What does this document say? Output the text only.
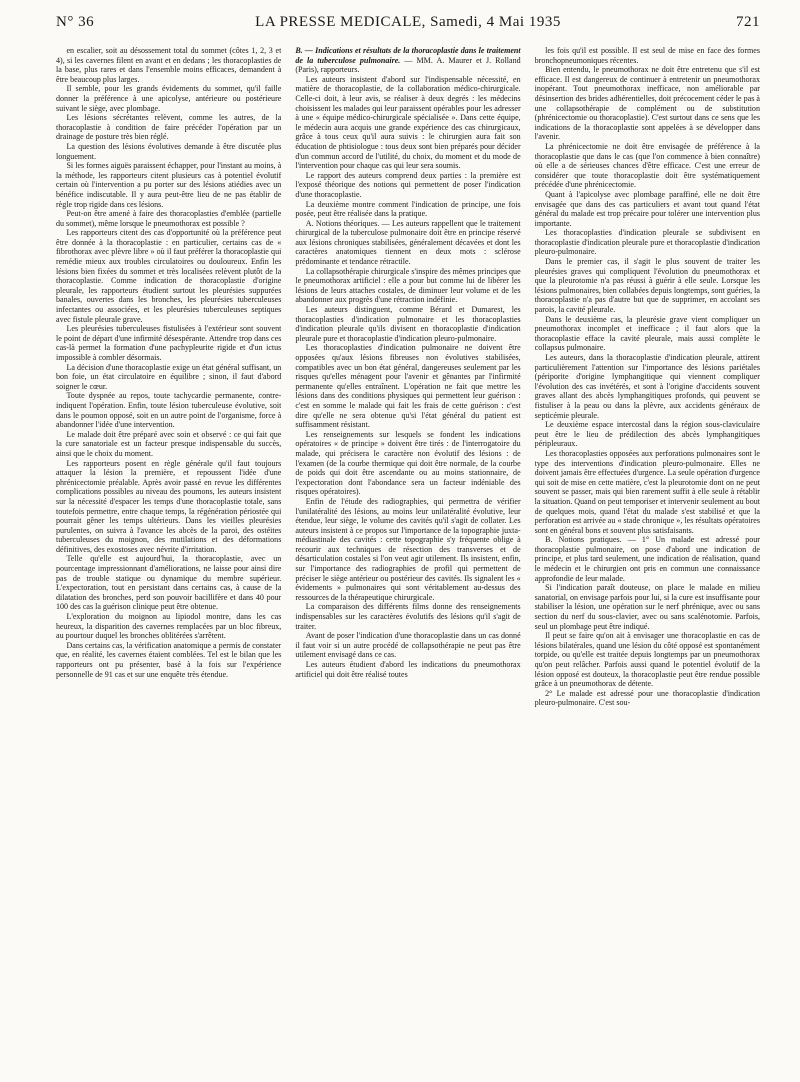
N° 36	LA PRESSE MEDICALE, Samedi, 4 Mai 1935	721

en escalier, soit au désossement total du sommet (côtes 1, 2, 3 et 4), si les cavernes filent en avant et en dedans ; les thoracoplasties de la base, plus rares et dans l'ensemble moins efficaces, demandent à être beaucoup plus larges.

Il semble, pour les grands évidements du sommet, qu'il faille donner la préférence à une apicolyse, antérieure ou postérieure suivant le siège, avec plombage.

Les lésions sécrétantes relèvent, comme les autres, de la thoracoplastie à condition de faire précéder l'opération par un drainage de posture très bien réglé.

La question des lésions évolutives demande à être discutée plus longuement.

Si les formes aiguës paraissent échapper, pour l'instant au moins, à la méthode, les rapporteurs citent plusieurs cas à potentiel évolutif certain où l'intervention a pu porter sur des lésions atiédies avec un bénéfice indiscutable. Il y aura peut-être lieu de ne pas établir de règle trop rigide dans ces lésions.

Peut-on être amené à faire des thoracoplasties d'emblée (partielle du sommet), même lorsque le pneumothorax est possible ?

Les rapporteurs citent des cas d'opportunité où la préférence peut être donnée à la thoracoplastie : en particulier, certains cas de « fibrothorax avec plèvre libre » où il faut préférer la thoracoplastie qui remédie mieux aux troubles circulatoires ou douloureux. Enfin les lésions bien fixées du sommet et très localisées relèvent plutôt de la thoracoplastie. Comme indication de thoracoplastie d'origine pleurale, les rapporteurs étudient surtout les pleurésies suppurées banales, ouvertes dans les bronches, les pleurésies tuberculeuses infectantes ou associées, et les pleurésies tuberculeuses septiques avec fistule pleurale grave.

Les pleurésies tuberculeuses fistulisées à l'extérieur sont souvent le point de départ d'une infirmité désespérante. Attendre trop dans ces cas-là permet la formation d'une pachypleurite rigide et d'un ictus impossible à combler désormais.

La décision d'une thoracoplastie exige un état général suffisant, un bon foie, un état circulatoire en équilibre ; sinon, il faut d'abord soigner le cœur.

Toute dyspnée au repos, toute tachycardie permanente, contre-indiquent l'opération. Enfin, toute lésion tuberculeuse évolutive, soit dans le poumon opposé, soit en un autre point de l'organisme, force à abandonner l'idée d'une intervention.

Le malade doit être préparé avec soin et observé : ce qui fait que la cure sanatoriale est un facteur presque indispensable du succès, ainsi que le choix du moment.

Les rapporteurs posent en règle générale qu'il faut toujours attaquer la lésion la première, et repoussent l'idée d'une phrénicectomie préalable. Après avoir passé en revue les différentes complications possibles au niveau des poumons, les auteurs insistent sur la nécessité d'espacer les temps d'une thoracoplastie totale, sans toutefois permettre, entre chaque temps, la régénération périostée qui pourrait gêner les temps ultérieurs. Dans les vieilles pleurésies purulentes, on suivra à l'avance les abcès de la paroi, des ostéites tuberculeuses du moignon, des mutilations et des déformations définitives, des exostoses avec névrite d'irritation.

Telle qu'elle est aujourd'hui, la thoracoplastie, avec un pourcentage impressionnant d'améliorations, ne laisse pour ainsi dire pas de trouble statique ou dynamique du membre supérieur. L'expectoration, tout en persistant dans certains cas, à cause de la dilatation des bronches, perd son pouvoir bacillifère et dans 40 pour 100 des cas la guérison clinique peut être obtenue.

L'exploration du moignon au lipiodol montre, dans les cas heureux, la disparition des cavernes remplacées par un bloc fibreux, au pourtour duquel les bronches oblitérées s'arrêtent.

Dans certains cas, la vérification anatomique a permis de constater que, en réalité, les cavernes étaient comblées. Tel est le bilan que les rapporteurs ont pu présenter, basé à la fois sur l'expérience personnelle de 91 cas et sur une enquête très étendue.

B. — Indications et résultats de la thoracoplastie dans le traitement de la tuberculose pulmonaire. — MM. A. Maurer et J. Rolland (Paris), rapporteurs.

Les auteurs insistent d'abord sur l'indispensable nécessité, en matière de thoracoplastie, de la collaboration médico-chirurgicale. Celle-ci doit, à leur avis, se réaliser à deux degrés : les médecins choisissent les malades qui leur paraissent opérables pour les adresser à une « équipe médico-chirurgicale spécialisée ». Dans cette équipe, le médecin aura acquis une grande expérience des cas chirurgicaux, grâce à tous ceux qu'il aura suivis : le chirurgien aura fait son éducation de phtisiologue : tous deux sont bien préparés pour décider d'un commun accord de l'utilité, du choix, du moment et du mode de l'intervention pour chaque cas qui leur sera soumis.

Le rapport des auteurs comprend deux parties : la première est l'exposé théorique des notions qui permettent de poser l'indication d'une thoracoplastie.

La deuxième montre comment l'indication de principe, une fois posée, peut être réalisée dans la pratique.

A. Notions théoriques. — Les auteurs rappellent que le traitement chirurgical de la tuberculose pulmonaire doit être en principe réservé aux lésions chroniques stabilisées, généralement décavées et dont les caractères anatomiques tiennent en deux mots : sclérose prédominante et tendance rétractile.

La collapsothérapie chirurgicale s'inspire des mêmes principes que le pneumothorax artificiel : elle a pour but comme lui de libérer les lésions de leurs attaches costales, de diminuer leur volume et de les abandonner aux progrès d'une rétraction indéfinie.

Les auteurs distinguent, comme Bérard et Dumarest, les thoracoplasties d'indication pulmonaire et les thoracoplasties d'indication pleurale qu'ils divisent en thoracoplastie d'indication pleurale pure et thoracoplastie d'indication pleuro-pulmonaire.

Les thoracoplasties d'indication pulmonaire ne doivent être opposées qu'aux lésions fibreuses non évolutives stabilisées, compatibles avec un bon état général, dangereuses seulement par les risques qu'elles ménagent pour l'avenir et gênantes par l'infirmité permanente qu'elles entraînent. L'opération ne fait que mettre les lésions dans des conditions physiques qui permettent leur guérison : c'est en somme le malade qui fait les frais de cette guérison : c'est dire qu'elle ne sera obtenue qu'si l'état général du patient est suffisamment résistant.

Les renseignements sur lesquels se fondent les indications opératoires « de principe » doivent être tirés : de l'interrogatoire du malade, qui précisera le caractère non évolutif des lésions : de l'examen (de la courbe thermique qui doit être normale, de la courbe de poids qui doit être ascendante ou au moins stationnaire, de l'expectoration dont l'abondance sera un facteur indéniable des risques opératoires).

Enfin de l'étude des radiographies, qui permettra de vérifier l'unilatéralité des lésions, au moins leur unilatéralité évolutive, leur étendue, leur siège, le volume des cavités qu'il s'agit de collater. Les auteurs insistent à ce propos sur l'importance de la topographie juxta-médiastinale des cavités : cette topographie s'y fréquente oblige à recourir aux techniques de résection des transverses et de désarticulation costales si l'on veut agir utilement. Ils insistent, enfin, sur l'importance des radiographies de profil qui permettent de préciser le siège antérieur ou postérieur des cavités. Ils signalent les « évidements » pulmonaires qui sont véritablement au-dessus des ressources de la thérapeutique chirurgicale.

La comparaison des différents films donne des renseignements indispensables sur les caractères évolutifs des lésions qu'il s'agit de traiter.

Avant de poser l'indication d'une thoracoplastie dans un cas donné il faut voir si un autre procédé de collapsothérapie ne peut pas être utilement envisagé dans ce cas.

Les auteurs étudient d'abord les indications du pneumothorax artificiel qui doit être réalisé toutes

les fois qu'il est possible. Il est seul de mise en face des formes bronchopneumoniques récentes.

Bien entendu, le pneumothorax ne doit être entretenu que s'il est efficace. Il est dangereux de continuer à entretenir un pneumothorax inopérant. Tout pneumothorax inefficace, non améliorable par désinsertion des brides adhérentielles, doit précocement céder le pas à une collapsothérapie de complément ou de substitution (phrénicectomie ou thoracoplastie). C'est surtout dans ce sens que les indications de la thoracoplastie sont appelées à se développer dans l'avenir.

La phrénicectomie ne doit être envisagée de préférence à la thoracoplastie que dans le cas (que l'on commence à bien connaître) où elle a de sérieuses chances d'être efficace. C'est une erreur de considérer que toute thoracoplastie doit être systématiquement précédée d'une phrénicectomie.

Quant à l'apicolyse avec plombage paraffiné, elle ne doit être envisagée que dans des cas particuliers et avant tout quand l'état général du malade est trop précaire pour tolérer une intervention plus importante.

Les thoracoplasties d'indication pleurale se subdivisent en thoracoplastie d'indication pleurale pure et thoracoplastie d'indication pleuro-pulmonaire.

Dans le premier cas, il s'agit le plus souvent de traiter les pleurésies graves qui compliquent l'évolution du pneumothorax et que la pleurotomie n'a pas réussi à guérir à elle seule. Lorsque les lésions pulmonaires, bien collabées depuis longtemps, sont guéries, la thoracoplastie n'a pas d'autre but que de supprimer, en accolant ses parois, la cavité pleurale.

Dans le deuxième cas, la pleurésie grave vient compliquer un pneumothorax incomplet et inefficace ; il faut alors que la thoracoplastie efface la cavité pleurale, mais aussi complète le collapsus pulmonaire.

Les auteurs, dans la thoracoplastie d'indication pleurale, attirent particulièrement l'attention sur l'importance des lésions pariétales (périporite d'origine lymphangitique qui viennent compliquer l'évolution des cas invétérés, et sont à l'origine d'accidents souvent graves allant des abcès lymphangitiques profonds, qui peuvent se fistuliser à la peau ou dans la plèvre, aux accidents généraux de septicémie pleurale.

Le deuxième espace intercostal dans la région sous-claviculaire peut être le lieu de prédilection des abcès lymphangitiques péripleuraux.

Les thoracoplasties opposées aux perforations pulmonaires sont le type des interventions d'indication pleuro-pulmonaire. Elles ne doivent jamais être effectuées d'urgence. La seule opération d'urgence qui soit de mise en cette matière, c'est la pleurotomie dont on ne peut souvent se passer, mais qui bien rarement suffit à elle seule à rétablir la situation. Quand on peut temporiser et intervenir seulement au bout de quelques mois, quand l'état du malade s'est stabilisé et que la perforation est arrivée au « stade chronique », les résultats opératoires sont en général bons et souvent plus satisfaisants.

B. Notions pratiques. — 1° Un malade est adressé pour thoracoplastie pulmonaire, on pose d'abord une indication de principe, et plus tard seulement, une indication de réalisation, quand le médecin et le chirurgien ont pris en commun une connaissance approfondie de leur malade.

Si l'indication paraît douteuse, on place le malade en milieu sanatorial, on envisage parfois pour lui, si la cure est insuffisante pour stabiliser la lésion, une opération sur le nerf phrénique, avec ou sans section du nerf du sous-clavier, avec ou sans scalénotomie. Parfois, seul un plombage peut être indiqué.

Il peut se faire qu'on ait à envisager une thoracoplastie en cas de lésions bilatérales, quand une lésion du côté opposé est spontanément torpide, ou qu'elle est traitée depuis longtemps par un pneumothorax qu'on peut relâcher. Parfois aussi quand le potentiel évolutif de la lésion opposé est douteux, la thoracoplastie peut être rendue possible grâce à un pneumothorax de détente.

2° Le malade est adressé pour une thoracoplastie d'indication pleuro-pulmonaire. C'est sou-
